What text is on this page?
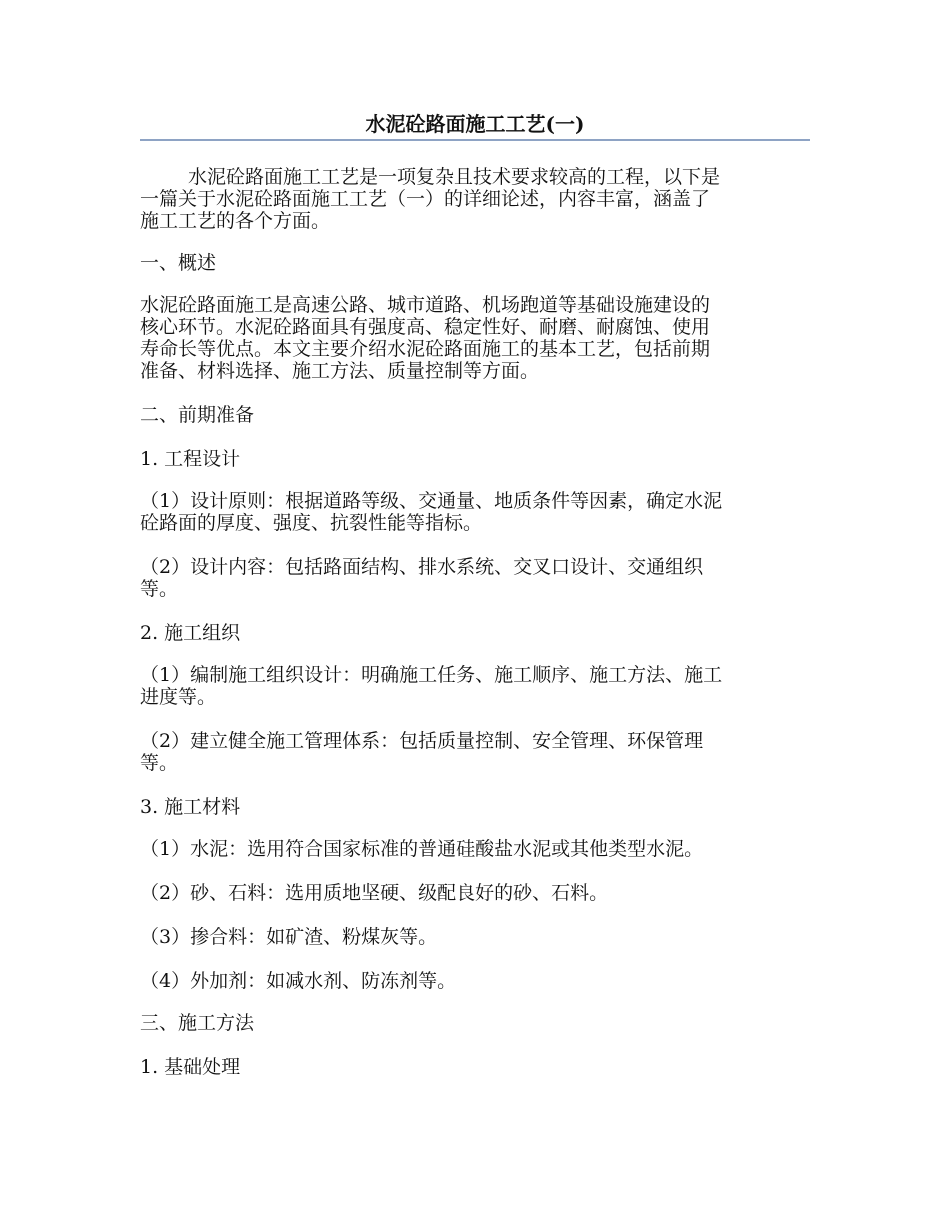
水泥砼路面施工工艺(一)

水泥砼路面施工工艺是一项复杂且技术要求较高的工程，以下是
一篇关于水泥砼路面施工工艺（一）的详细论述，内容丰富，涵盖了
施工工艺的各个方面。

一、概述

水泥砼路面施工是高速公路、城市道路、机场跑道等基础设施建设的
核心环节。水泥砼路面具有强度高、稳定性好、耐磨、耐腐蚀、使用
寿命长等优点。本文主要介绍水泥砼路面施工的基本工艺，包括前期
准备、材料选择、施工方法、质量控制等方面。

二、前期准备

1. 工程设计

（1）设计原则：根据道路等级、交通量、地质条件等因素，确定水泥
砼路面的厚度、强度、抗裂性能等指标。

（2）设计内容：包括路面结构、排水系统、交叉口设计、交通组织
等。

2. 施工组织

（1）编制施工组织设计：明确施工任务、施工顺序、施工方法、施工
进度等。

（2）建立健全施工管理体系：包括质量控制、安全管理、环保管理
等。

3. 施工材料

（1）水泥：选用符合国家标准的普通硅酸盐水泥或其他类型水泥。

（2）砂、石料：选用质地坚硬、级配良好的砂、石料。

（3）掺合料：如矿渣、粉煤灰等。

（4）外加剂：如减水剂、防冻剂等。

三、施工方法

1. 基础处理
